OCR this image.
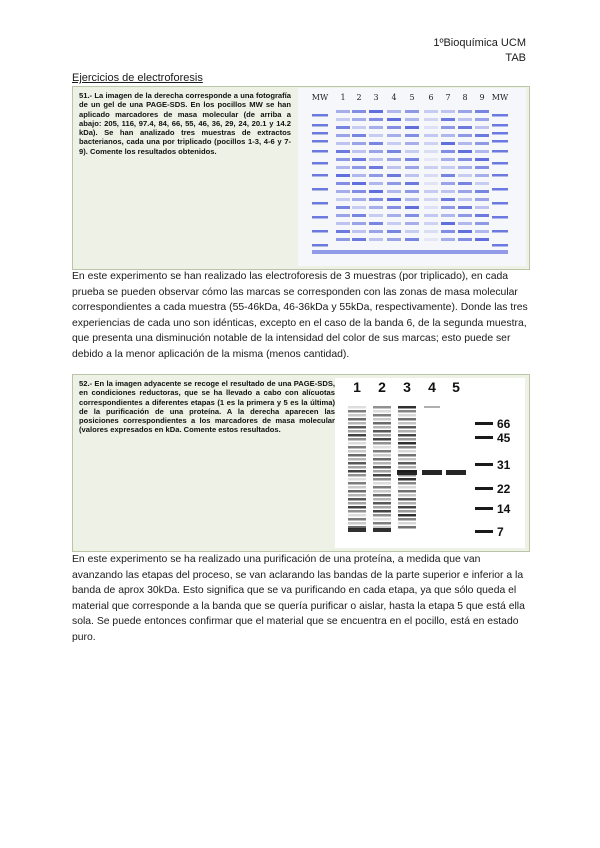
1ºBioquímica UCM
TAB
Ejercicios de electroforesis
51.- La imagen de la derecha corresponde a una fotografía de un gel de una PAGE-SDS. En los pocillos MW se han aplicado marcadores de masa molecular (de arriba a abajo: 205, 116, 97.4, 84, 66, 55, 46, 36, 29, 24, 20.1 y 14.2 kDa). Se han analizado tres muestras de extractos bacterianos, cada una por triplicado (pocillos 1-3, 4-6 y 7-9). Comente los resultados obtenidos.
MW 1 2 3 4 5 6 7 8 9 MW
En este experimento se han realizado las electroforesis de 3 muestras (por triplicado), en cada prueba se pueden observar cómo las marcas se corresponden con las zonas de masa molecular correspondientes a cada muestra (55-46kDa, 46-36kDa y 55kDa, respectivamente). Donde las tres experiencias de cada uno son idénticas, excepto en el caso de la banda 6, de la segunda muestra, que presenta una disminución notable de la intensidad del color de sus marcas; esto puede ser debido a la menor aplicación de la misma (menos cantidad).
52.- En la imagen adyacente se recoge el resultado de una PAGE-SDS, en condiciones reductoras, que se ha llevado a cabo con alícuotas correspondientes a diferentes etapas (1 es la primera y 5 es la última) de la purificación de una proteína. A la derecha aparecen las posiciones correspondientes a los marcadores de masa molecular (valores expresados en kDa. Comente estos resultados.
1 2 3 4 5
66
45
31
22
14
7
En este experimento se ha realizado una purificación de una proteína, a medida que van avanzando las etapas del proceso, se van aclarando las bandas de la parte superior e inferior a la banda de aprox 30kDa. Esto significa que se va purificando en cada etapa, ya que sólo queda el material que corresponde a la banda que se quería purificar o aislar, hasta la etapa 5 que está ella sola. Se puede entonces confirmar que el material que se encuentra en el pocillo, está en estado puro.
